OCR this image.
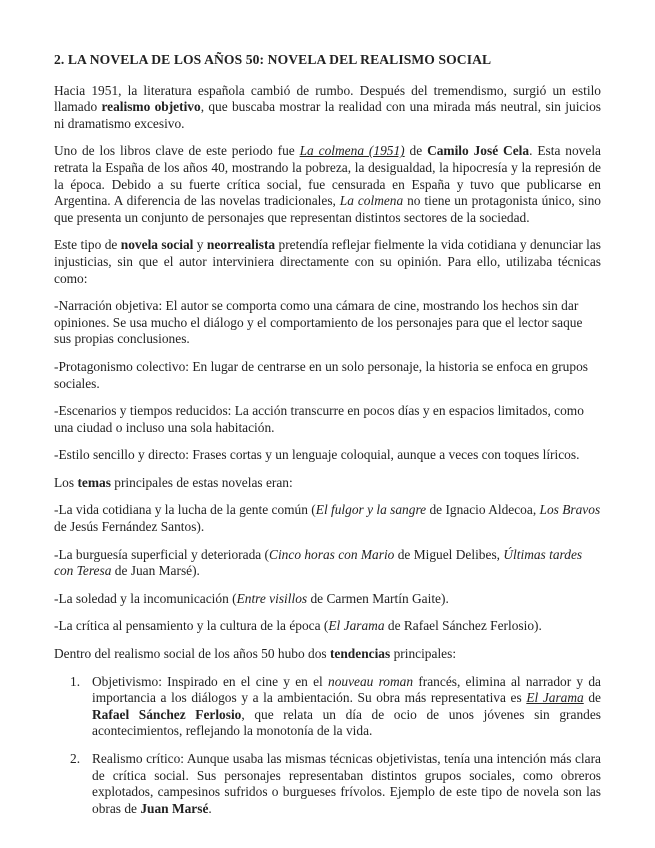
2. LA NOVELA DE LOS AÑOS 50: NOVELA DEL REALISMO SOCIAL

Hacia 1951, la literatura española cambió de rumbo. Después del tremendismo, surgió un estilo llamado realismo objetivo, que buscaba mostrar la realidad con una mirada más neutral, sin juicios ni dramatismo excesivo.

Uno de los libros clave de este periodo fue La colmena (1951) de Camilo José Cela. Esta novela retrata la España de los años 40, mostrando la pobreza, la desigualdad, la hipocresía y la represión de la época. Debido a su fuerte crítica social, fue censurada en España y tuvo que publicarse en Argentina. A diferencia de las novelas tradicionales, La colmena no tiene un protagonista único, sino que presenta un conjunto de personajes que representan distintos sectores de la sociedad.

Este tipo de novela social y neorrealista pretendía reflejar fielmente la vida cotidiana y denunciar las injusticias, sin que el autor interviniera directamente con su opinión. Para ello, utilizaba técnicas como:

-Narración objetiva: El autor se comporta como una cámara de cine, mostrando los hechos sin dar opiniones. Se usa mucho el diálogo y el comportamiento de los personajes para que el lector saque sus propias conclusiones.

-Protagonismo colectivo: En lugar de centrarse en un solo personaje, la historia se enfoca en grupos sociales.

-Escenarios y tiempos reducidos: La acción transcurre en pocos días y en espacios limitados, como una ciudad o incluso una sola habitación.

-Estilo sencillo y directo: Frases cortas y un lenguaje coloquial, aunque a veces con toques líricos.

Los temas principales de estas novelas eran:

-La vida cotidiana y la lucha de la gente común (El fulgor y la sangre de Ignacio Aldecoa, Los Bravos de Jesús Fernández Santos).

-La burguesía superficial y deteriorada (Cinco horas con Mario de Miguel Delibes, Últimas tardes con Teresa de Juan Marsé).

-La soledad y la incomunicación (Entre visillos de Carmen Martín Gaite).

-La crítica al pensamiento y la cultura de la época (El Jarama de Rafael Sánchez Ferlosio).

Dentro del realismo social de los años 50 hubo dos tendencias principales:

1. Objetivismo: Inspirado en el cine y en el nouveau roman francés, elimina al narrador y da importancia a los diálogos y a la ambientación. Su obra más representativa es El Jarama de Rafael Sánchez Ferlosio, que relata un día de ocio de unos jóvenes sin grandes acontecimientos, reflejando la monotonía de la vida.
2. Realismo crítico: Aunque usaba las mismas técnicas objetivistas, tenía una intención más clara de crítica social. Sus personajes representaban distintos grupos sociales, como obreros explotados, campesinos sufridos o burgueses frívolos. Ejemplo de este tipo de novela son las obras de Juan Marsé.
